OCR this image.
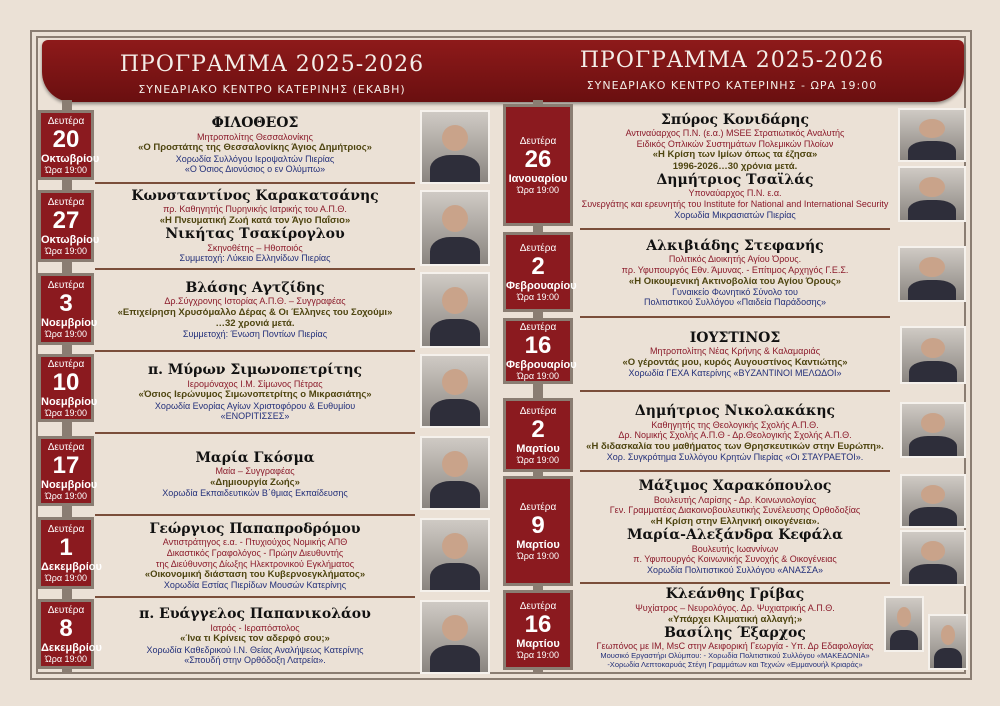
ΠΡΟΓΡΑΜΜΑ 2025-2026
ΣΥΝΕΔΡΙΑΚΟ ΚΕΝΤΡΟ ΚΑΤΕΡΙΝΗΣ (ΕΚΑΒΗ)
ΠΡΟΓΡΑΜΜΑ 2025-2026
ΣΥΝΕΔΡΙΑΚΟ ΚΕΝΤΡΟ ΚΑΤΕΡΙΝΗΣ - ΩΡΑ 19:00
Δευτέρα
20
Οκτωβρίου
Ώρα 19:00
Δευτέρα
27
Οκτωβρίου
Ώρα 19:00
Δευτέρα
3
Νοεμβρίου
Ώρα 19:00
Δευτέρα
10
Νοεμβρίου
Ώρα 19:00
Δευτέρα
17
Νοεμβρίου
Ώρα 19:00
Δευτέρα
1
Δεκεμβρίου
Ώρα 19:00
Δευτέρα
8
Δεκεμβρίου
Ώρα 19:00
Δευτέρα
26
Ιανουαρίου
Ώρα 19:00
Δευτέρα
2
Φεβρουαρίου
Ώρα 19:00
Δευτέρα
16
Φεβρουαρίου
Ώρα 19:00
Δευτέρα
2
Μαρτίου
Ώρα 19:00
Δευτέρα
9
Μαρτίου
Ώρα 19:00
Δευτέρα
16
Μαρτίου
Ώρα 19:00
ΦΙΛΟΘΕΟΣ
Μητροπολίτης Θεσσαλονίκης
«Ο Προστάτης της Θεσσαλονίκης Άγιος Δημήτριος»
Χορωδία Συλλόγου Ιεροψαλτών Πιερίας
«Ο Όσιος Διονύσιος ο εν Ολύμπω»
Κωνσταντίνος Καρακατσάνης
πρ. Καθηγητής Πυρηνικής Ιατρικής του Α.Π.Θ.
«Η Πνευματική Ζωή κατά τον Άγιο Παΐσιο»
Νικήτας Τσακίρογλου
Σκηνοθέτης – Ηθοποιός
Συμμετοχή: Λύκειο Ελληνίδων Πιερίας
Βλάσης Αγτζίδης
Δρ.Σύγχρονης Ιστορίας Α.Π.Θ. – Συγγραφέας
«Επιχείρηση Χρυσόμαλλο Δέρας & Οι Έλληνες του Σοχούμι»
…32 χρονιά μετά.
Συμμετοχή: Ένωση Ποντίων Πιερίας
π. Μύρων Σιμωνοπετρίτης
Ιερομόναχος Ι.Μ. Σίμωνος Πέτρας
«Όσιος Ιερώνυμος Σιμωνοπετρίτης ο Μικρασιάτης»
Χορωδία Ενορίας Αγίων Χριστοφόρου & Ευθυμίου
«ΕΝΟΡΙΤΙΣΣΕΣ»
Μαρία Γκόσμα
Μαία – Συγγραφέας
«Δημιουργία Ζωής»
Χορωδία Εκπαιδευτικών Β΄θμιας Εκπαίδευσης
Γεώργιος Παπαπροδρόμου
Αντιστράτηγος ε.α. - Πτυχιούχος Νομικής ΑΠΘ
Δικαστικός Γραφολόγος - Πρώην Διευθυντής
της Διεύθυνσης Δίωξης Ηλεκτρονικού Εγκλήματος
«Οικονομική διάσταση του Κυβερνοεγκλήματος»
Χορωδία Εστίας Πιερίδων Μουσών Κατερίνης
π. Ευάγγελος Παπανικολάου
Ιατρός - Ιεραπόστολος
«Ίνα τι Κρίνεις τον αδερφό σου;»
Χορωδία Καθεδρικού Ι.Ν. Θείας Αναλήψεως Κατερίνης
«Σπουδή στην Ορθόδοξη Λατρεία».
Σπύρος Κονιδάρης
Αντιναύαρχος Π.Ν. (ε.α.) MSEE Στρατιωτικός Αναλυτής
Ειδικός Οπλικών Συστημάτων Πολεμικών Πλοίων
«Η Κρίση των Ιμίων όπως τα έζησα»
1996-2026…30 χρόνια μετά.
Δημήτριος Τσαϊλάς
Υποναύαρχος Π.Ν. ε.α.
Συνεργάτης και ερευνητής του Institute for National and International Security
Χορωδία Μικρασιατών Πιερίας
Αλκιβιάδης Στεφανής
Πολιτικός Διοικητής Αγίου Όρους.
πρ. Υφυπουργός Εθν. Άμυνας. - Επίτιμος Αρχηγός Γ.Ε.Σ.
«Η Οικουμενική Ακτινοβολία του Αγίου Όρους»
Γυναικείο Φωνητικό Σύνολο του
Πολιτιστικού Συλλόγου «Παιδεία Παράδοσης»
ΙΟΥΣΤΙΝΟΣ
Μητροπολίτης Νέας Κρήνης & Καλαμαριάς
«Ο γέροντάς μου, κυρός Αυγουστίνος Καντιώτης»
Χορωδία ΓΕΧΑ Κατερίνης «ΒΥΖΑΝΤΙΝΟΙ ΜΕΛΩΔΟΙ»
Δημήτριος Νικολακάκης
Καθηγητής της Θεολογικής Σχολής Α.Π.Θ.
Δρ. Νομικής Σχολής Α.Π.Θ - Δρ.Θεολογικής Σχολής Α.Π.Θ.
«Η διδασκαλία του μαθήματος των Θρησκευτικών στην Ευρώπη».
Χορ. Συγκρότημα Συλλόγου Κρητών Πιερίας «Οι ΣΤΑΥΡΑΕΤΟΙ».
Μάξιμος Χαρακόπουλος
Βουλευτής Λαρίσης - Δρ. Κοινωνιολογίας
Γεν. Γραμματέας Διακοινοβουλευτικής Συνέλευσης Ορθοδοξίας
«Η Κρίση στην Ελληνική οικογένεια».
Μαρία-Αλεξάνδρα Κεφάλα
Βουλευτής Ιωαννίνων
π. Υφυπουργός Κοινωνικής Συνοχής & Οικογένειας
Χορωδία Πολιτιστικού Συλλόγου «ΑΝΑΣΣΑ»
Κλεάνθης Γρίβας
Ψυχίατρος – Νευρολόγος. Δρ. Ψυχιατρικής Α.Π.Θ.
«Υπάρχει Κλιματική αλλαγή;»
Βασίλης Έξαρχος
Γεωπόνος με ΙΜ, MsC στην Αειφορική Γεωργία - Υπ. Δρ Εδαφολογίας
Μουσικό Εργαστήρι Ολύμπου: - Χορωδία Πολιτιστικού Συλλόγου «ΜΑΚΕΔΟΝΙΑ»
-Χορωδία Λεπτοκαρυάς Στέγη Γραμμάτων και Τεχνών «Εμμανουήλ Κριαράς»
